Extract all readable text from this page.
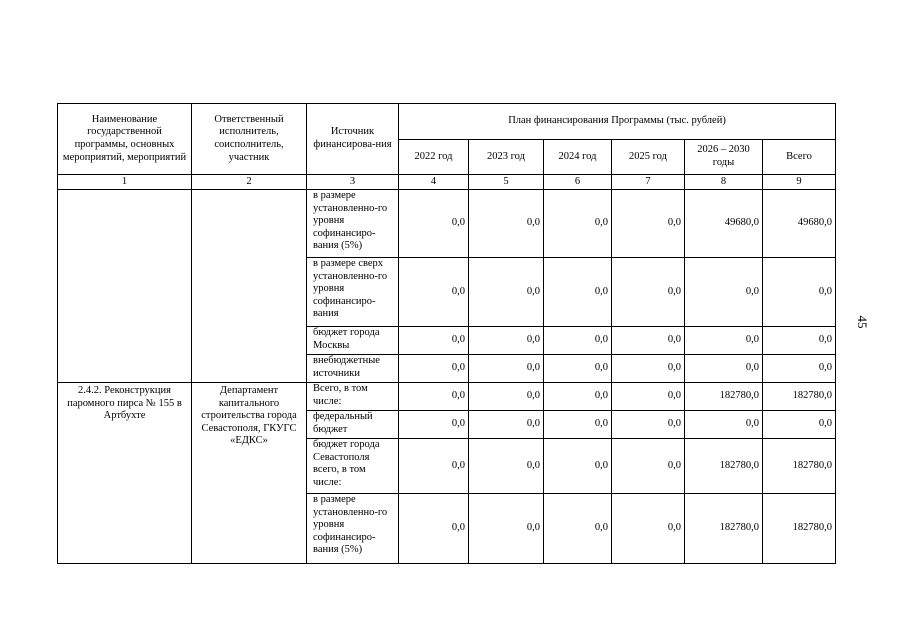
45
Наименование государственной программы, основных мероприятий, мероприятий	Ответственный исполнитель, соисполнитель, участник	Источник финансирова-ния	План финансирования Программы (тыс. рублей)					
			2022 год	2023 год	2024 год	2025 год	2026 – 2030 годы	Всего
1	2	3	4	5	6	7	8	9
		в размере установленно-го уровня софинансиро-вания (5%)	0,0	0,0	0,0	0,0	49680,0	49680,0
		в размере сверх установленно-го уровня софинансиро-вания	0,0	0,0	0,0	0,0	0,0	0,0
		бюджет города Москвы	0,0	0,0	0,0	0,0	0,0	0,0
		внебюджетные источники	0,0	0,0	0,0	0,0	0,0	0,0
2.4.2. Реконструкция паромного пирса № 155 в Артбухте	Департамент капитального строительства города Севастополя, ГКУГС «ЕДКС»	Всего, в том числе:	0,0	0,0	0,0	0,0	182780,0	182780,0
		федеральный бюджет	0,0	0,0	0,0	0,0	0,0	0,0
		бюджет города Севастополя всего, в том числе:	0,0	0,0	0,0	0,0	182780,0	182780,0
		в размере установленно-го уровня софинансиро-вания (5%)	0,0	0,0	0,0	0,0	182780,0	182780,0
